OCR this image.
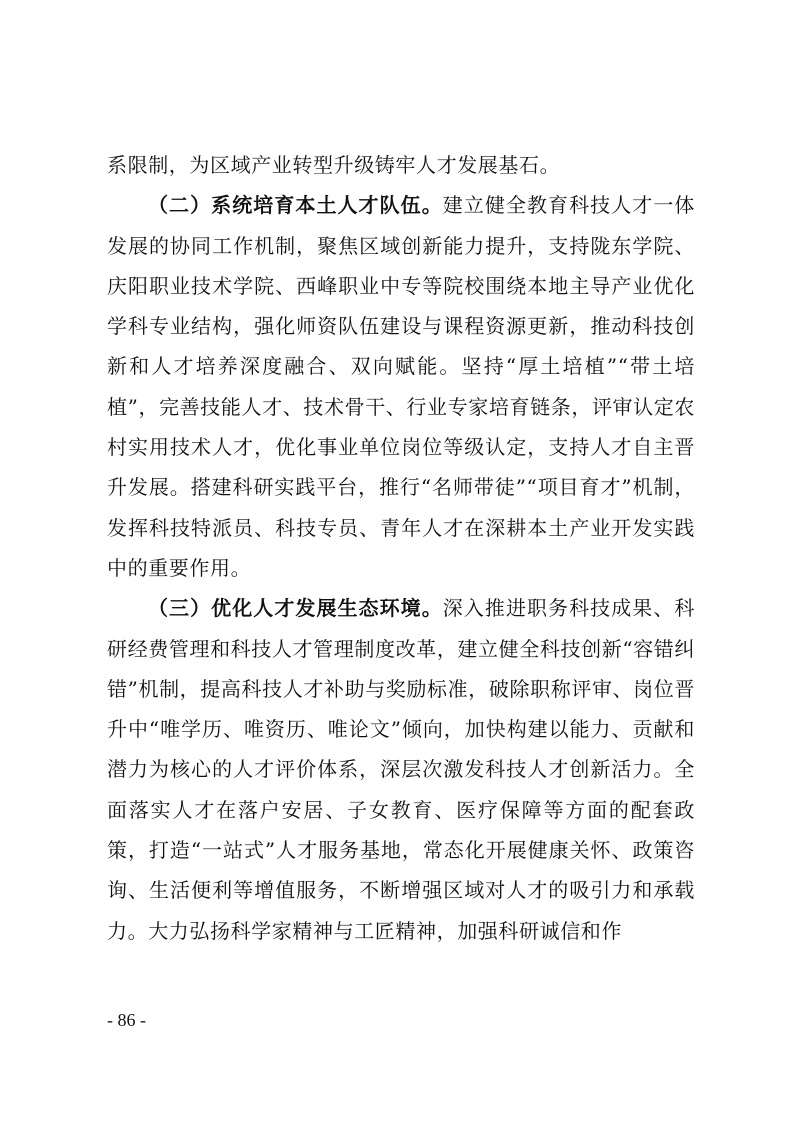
系限制，为区域产业转型升级铸牢人才发展基石。

（二）系统培育本土人才队伍。建立健全教育科技人才一体发展的协同工作机制，聚焦区域创新能力提升，支持陇东学院、庆阳职业技术学院、西峰职业中专等院校围绕本地主导产业优化学科专业结构，强化师资队伍建设与课程资源更新，推动科技创新和人才培养深度融合、双向赋能。坚持“厚土培植”“带土培植”，完善技能人才、技术骨干、行业专家培育链条，评审认定农村实用技术人才，优化事业单位岗位等级认定，支持人才自主晋升发展。搭建科研实践平台，推行“名师带徒”“项目育才”机制，发挥科技特派员、科技专员、青年人才在深耕本土产业开发实践中的重要作用。

（三）优化人才发展生态环境。深入推进职务科技成果、科研经费管理和科技人才管理制度改革，建立健全科技创新“容错纠错”机制，提高科技人才补助与奖励标准，破除职称评审、岗位晋升中“唯学历、唯资历、唯论文”倾向，加快构建以能力、贡献和潜力为核心的人才评价体系，深层次激发科技人才创新活力。全面落实人才在落户安居、子女教育、医疗保障等方面的配套政策，打造“一站式”人才服务基地，常态化开展健康关怀、政策咨询、生活便利等增值服务，不断增强区域对人才的吸引力和承载力。大力弘扬科学家精神与工匠精神，加强科研诚信和作

- 86 -
